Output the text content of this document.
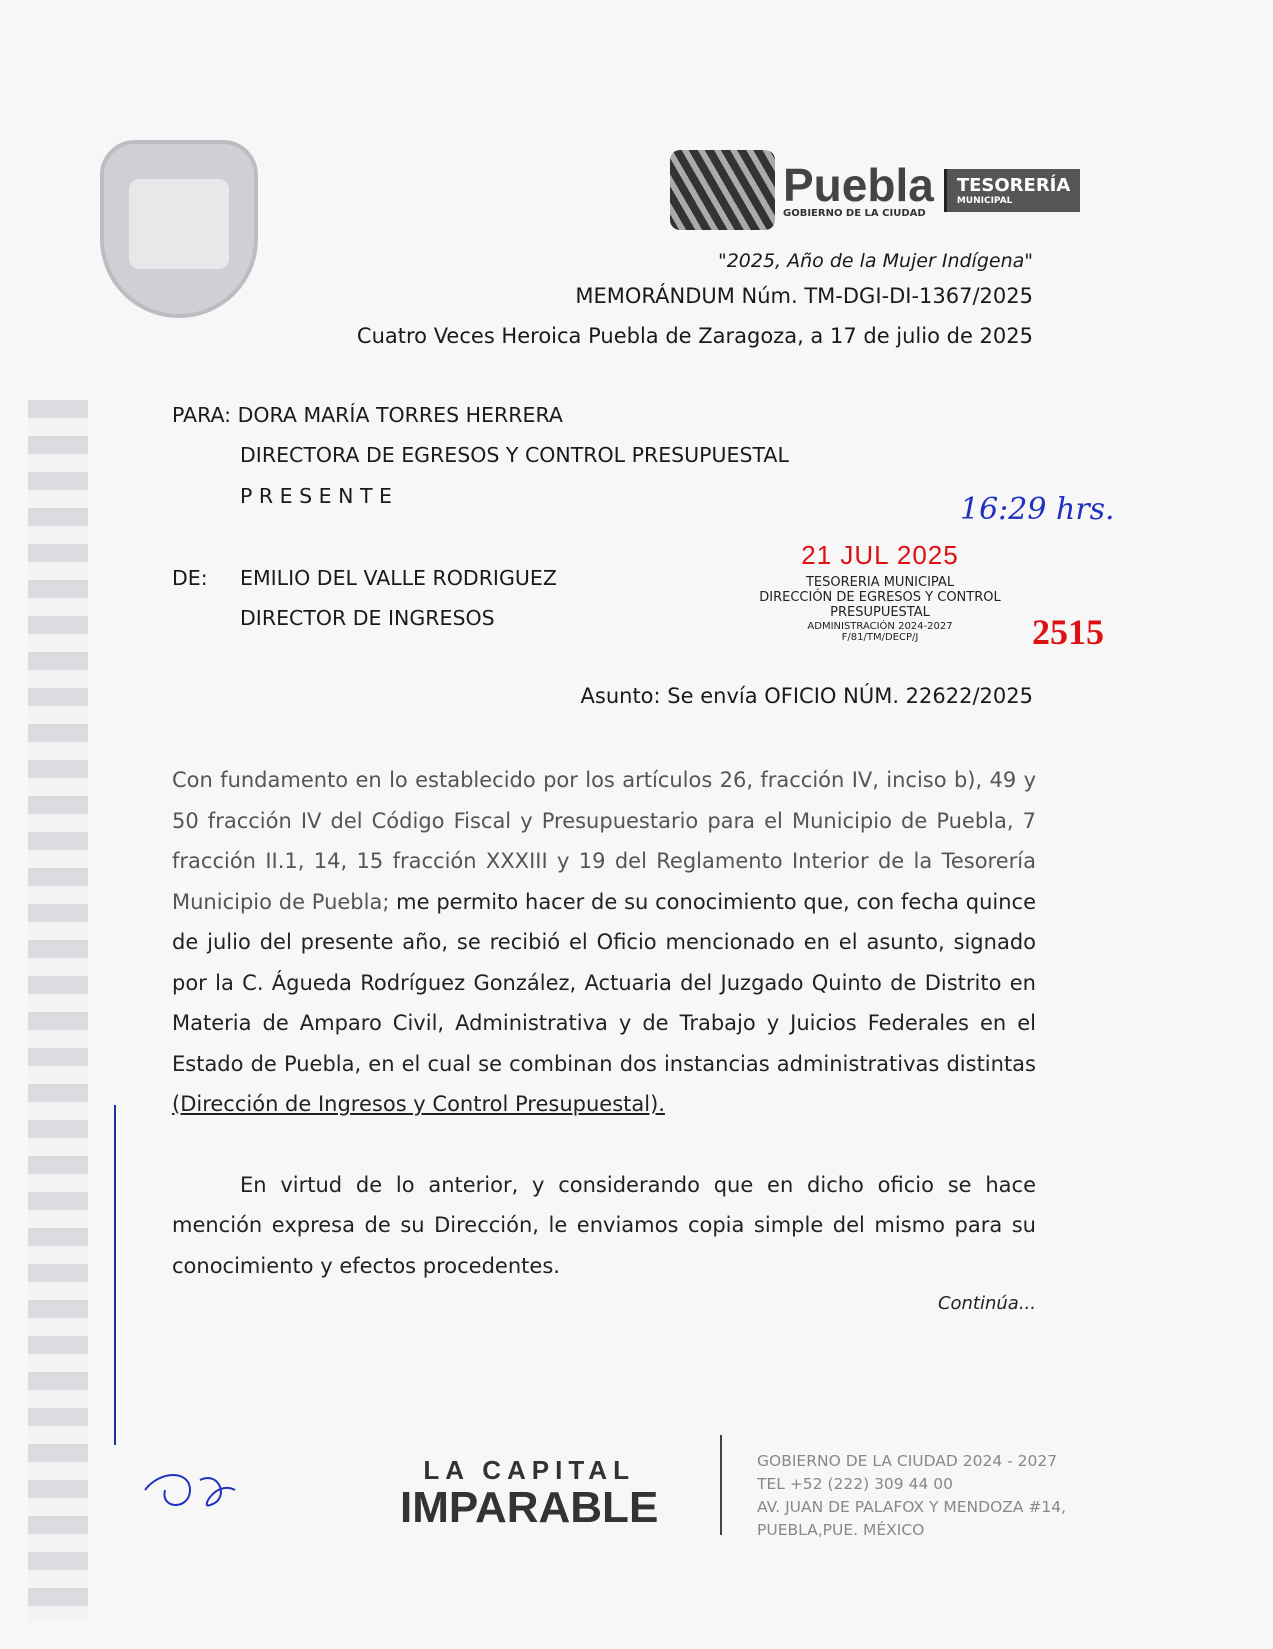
Puebla
GOBIERNO DE LA CIUDAD
TESORERÍA
MUNICIPAL
"2025, Año de la Mujer Indígena"
MEMORÁNDUM Núm. TM-DGI-DI-1367/2025
Cuatro Veces Heroica Puebla de Zaragoza, a 17 de julio de 2025
PARA: DORA MARÍA TORRES HERRERA
DIRECTORA DE EGRESOS Y CONTROL PRESUPUESTAL
P R E S E N T E
DE: EMILIO DEL VALLE RODRIGUEZ
DIRECTOR DE INGRESOS
16:29 hrs.
21 JUL 2025
TESORERIA MUNICIPAL
DIRECCIÓN DE EGRESOS Y CONTROL
PRESUPUESTAL
ADMINISTRACIÓN 2024-2027
F/81/TM/DECP/J	2515
Asunto: Se envía OFICIO NÚM. 22622/2025

Con fundamento en lo establecido por los artículos 26, fracción IV, inciso b), 49 y 50 fracción IV del Código Fiscal y Presupuestario para el Municipio de Puebla, 7 fracción II.1, 14, 15 fracción XXXIII y 19 del Reglamento Interior de la Tesorería Municipio de Puebla; me permito hacer de su conocimiento que, con fecha quince de julio del presente año, se recibió el Oficio mencionado en el asunto, signado por la C. Águeda Rodríguez González, Actuaria del Juzgado Quinto de Distrito en Materia de Amparo Civil, Administrativa y de Trabajo y Juicios Federales en el Estado de Puebla, en el cual se combinan dos instancias administrativas distintas (Dirección de Ingresos y Control Presupuestal).

En virtud de lo anterior, y considerando que en dicho oficio se hace mención expresa de su Dirección, le enviamos copia simple del mismo para su conocimiento y efectos procedentes.

Continúa...
LA CAPITAL
IMPARABLE
GOBIERNO DE LA CIUDAD 2024 - 2027
TEL +52 (222) 309 44 00
AV. JUAN DE PALAFOX Y MENDOZA #14,
PUEBLA,PUE. MÉXICO
